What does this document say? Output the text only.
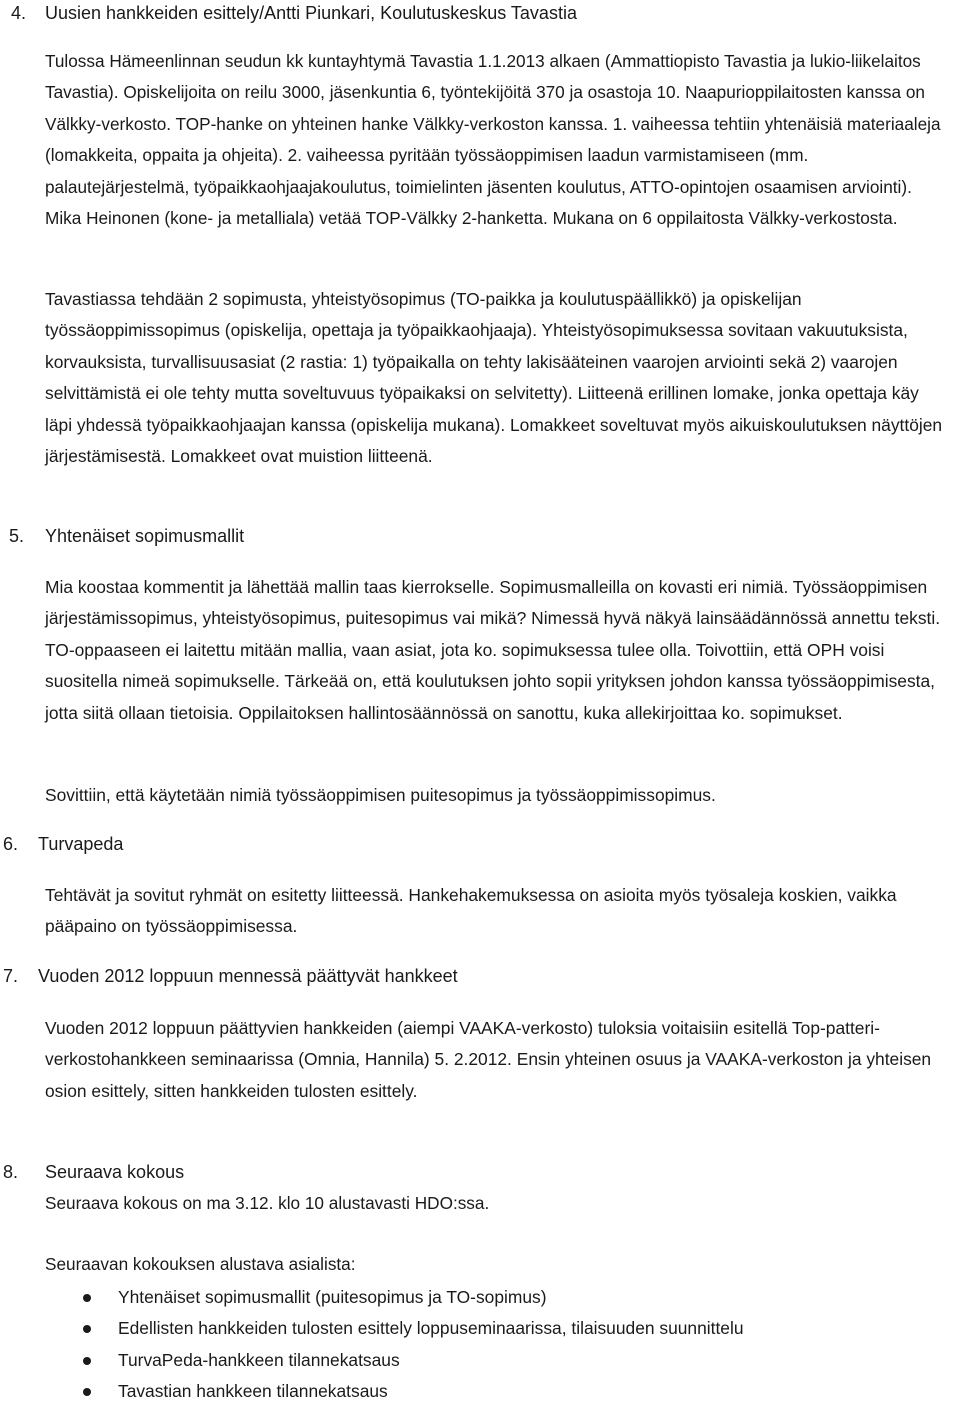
4. Uusien hankkeiden esittely/Antti Piunkari, Koulutuskeskus Tavastia

Tulossa Hämeenlinnan seudun kk kuntayhtymä Tavastia 1.1.2013 alkaen (Ammattiopisto Tavastia ja lukio-liikelaitos Tavastia). Opiskelijoita on reilu 3000, jäsenkuntia 6, työntekijöitä 370 ja osastoja 10. Naapurioppilaitosten kanssa on Välkky-verkosto. TOP-hanke on yhteinen hanke Välkky-verkoston kanssa. 1. vaiheessa tehtiin yhtenäisiä materiaaleja (lomakkeita, oppaita ja ohjeita). 2. vaiheessa pyritään työssäoppimisen laadun varmistamiseen (mm. palautejärjestelmä, työpaikkaohjaajakoulutus, toimielinten jäsenten koulutus, ATTO-opintojen osaamisen arviointi). Mika Heinonen (kone- ja metalliala) vetää TOP-Välkky 2-hanketta. Mukana on 6 oppilaitosta Välkky-verkostosta.

Tavastiassa tehdään 2 sopimusta, yhteistyösopimus (TO-paikka ja koulutuspäällikkö) ja opiskelijan työssäoppimissopimus (opiskelija, opettaja ja työpaikkaohjaaja). Yhteistyösopimuksessa sovitaan vakuutuksista, korvauksista, turvallisuusasiat (2 rastia: 1) työpaikalla on tehty lakisääteinen vaarojen arviointi sekä 2) vaarojen selvittämistä ei ole tehty mutta soveltuvuus työpaikaksi on selvitetty). Liitteenä erillinen lomake, jonka opettaja käy läpi yhdessä työpaikkaohjaajan kanssa (opiskelija mukana). Lomakkeet soveltuvat myös aikuiskoulutuksen näyttöjen järjestämisestä. Lomakkeet ovat muistion liitteenä.

5. Yhtenäiset sopimusmallit

Mia koostaa kommentit ja lähettää mallin taas kierrokselle. Sopimusmalleilla on kovasti eri nimiä. Työssäoppimisen järjestämissopimus, yhteistyösopimus, puitesopimus vai mikä? Nimessä hyvä näkyä lainsäädännössä annettu teksti. TO-oppaaseen ei laitettu mitään mallia, vaan asiat, jota ko. sopimuksessa tulee olla. Toivottiin, että OPH voisi suositella nimeä sopimukselle. Tärkeää on, että koulutuksen johto sopii yrityksen johdon kanssa työssäoppimisesta, jotta siitä ollaan tietoisia. Oppilaitoksen hallintosäännössä on sanottu, kuka allekirjoittaa ko. sopimukset.

Sovittiin, että käytetään nimiä työssäoppimisen puitesopimus ja työssäoppimissopimus.

6. Turvapeda

Tehtävät ja sovitut ryhmät on esitetty liitteessä. Hankehakemuksessa on asioita myös työsaleja koskien, vaikka pääpaino on työssäoppimisessa.

7. Vuoden 2012 loppuun mennessä päättyvät hankkeet

Vuoden 2012 loppuun päättyvien hankkeiden (aiempi VAAKA-verkosto) tuloksia voitaisiin esitellä Top-patteri-verkostohankkeen seminaarissa (Omnia, Hannila) 5. 2.2012. Ensin yhteinen osuus ja VAAKA-verkoston ja yhteisen osion esittely, sitten hankkeiden tulosten esittely.

8. Seuraava kokous

Seuraava kokous on ma 3.12. klo 10 alustavasti HDO:ssa.

Seuraavan kokouksen alustava asialista:

Yhtenäiset sopimusmallit (puitesopimus ja TO-sopimus)
Edellisten hankkeiden tulosten esittely loppuseminaarissa, tilaisuuden suunnittelu
TurvaPeda-hankkeen tilannekatsaus
Tavastian hankkeen tilannekatsaus
